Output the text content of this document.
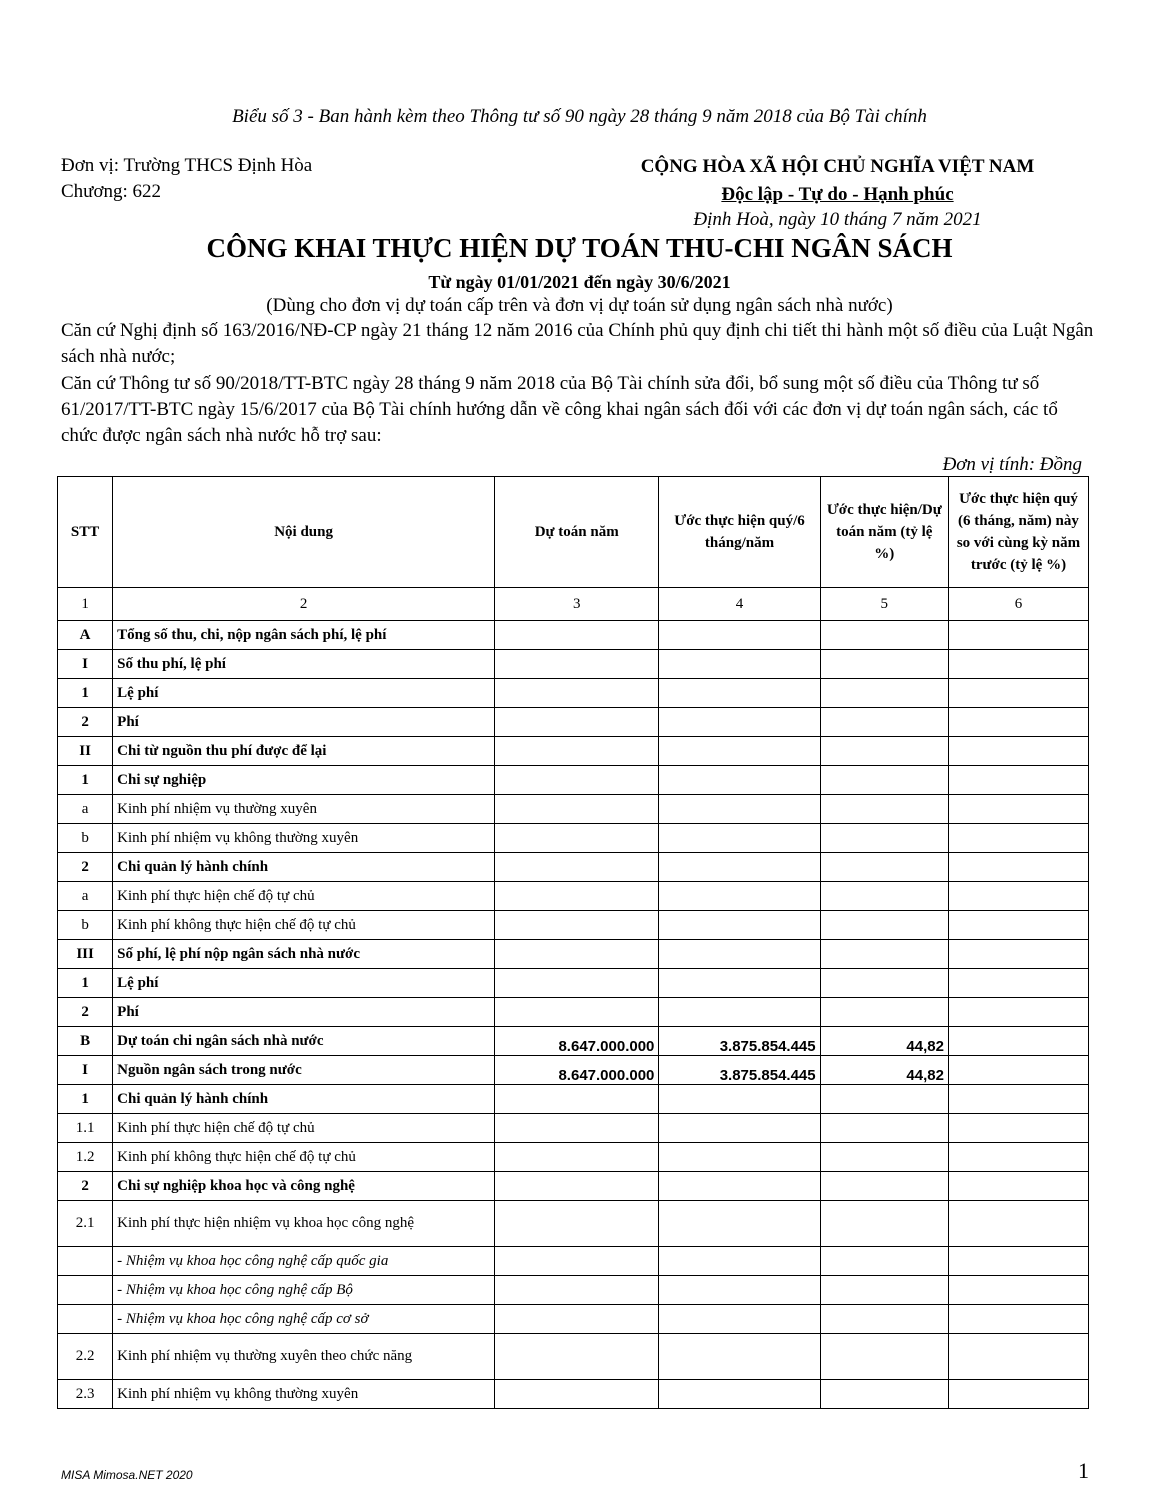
Biểu số 3 - Ban hành kèm theo Thông tư số 90 ngày 28 tháng 9 năm 2018 của Bộ Tài chính
Đơn vị: Trường THCS Định Hòa
Chương: 622
CỘNG HÒA XÃ HỘI CHỦ NGHĨA VIỆT NAM
Độc lập - Tự do - Hạnh phúc
Định Hoà, ngày 10 tháng 7 năm 2021
CÔNG KHAI THỰC HIỆN DỰ TOÁN THU-CHI NGÂN SÁCH
Từ ngày 01/01/2021 đến ngày 30/6/2021
(Dùng cho đơn vị dự toán cấp trên và đơn vị dự toán sử dụng ngân sách nhà nước)
Căn cứ Nghị định số 163/2016/NĐ-CP ngày 21 tháng 12 năm 2016 của Chính phủ quy định chi tiết thi hành một số điều của Luật Ngân sách nhà nước;
Căn cứ Thông tư số 90/2018/TT-BTC ngày 28 tháng 9 năm 2018 của Bộ Tài chính sửa đổi, bổ sung một số điều của Thông tư số 61/2017/TT-BTC ngày 15/6/2017 của Bộ Tài chính hướng dẫn về công khai ngân sách đối với các đơn vị dự toán ngân sách, các tổ chức được ngân sách nhà nước hỗ trợ sau:
Đơn vị tính: Đồng
STT	Nội dung	Dự toán năm	Ước thực hiện quý/6 tháng/năm	Ước thực hiện/Dự toán năm (tỷ lệ %)	Ước thực hiện quý (6 tháng, năm) này so với cùng kỳ năm trước (tỷ lệ %)
1	2	3	4	5	6
A	Tổng số thu, chi, nộp ngân sách phí, lệ phí				
I	Số thu phí, lệ phí				
1	Lệ phí				
2	Phí				
II	Chi từ nguồn thu phí được để lại				
1	Chi sự nghiệp				
a	Kinh phí nhiệm vụ thường xuyên				
b	Kinh phí nhiệm vụ không thường xuyên				
2	Chi quản lý hành chính				
a	Kinh phí thực hiện chế độ tự chủ				
b	Kinh phí không thực hiện chế độ tự chủ				
III	Số phí, lệ phí nộp ngân sách nhà nước				
1	Lệ phí				
2	Phí				
B	Dự toán chi ngân sách nhà nước	8.647.000.000	3.875.854.445	44,82	
I	Nguồn ngân sách trong nước	8.647.000.000	3.875.854.445	44,82	
1	Chi quản lý hành chính				
1.1	Kinh phí thực hiện chế độ tự chủ				
1.2	Kinh phí không thực hiện chế độ tự chủ				
2	Chi sự nghiệp khoa học và công nghệ				
2.1	Kinh phí thực hiện nhiệm vụ khoa học công nghệ				
	- Nhiệm vụ khoa học công nghệ cấp quốc gia				
	- Nhiệm vụ khoa học công nghệ cấp Bộ				
	- Nhiệm vụ khoa học công nghệ cấp cơ sở				
2.2	Kinh phí nhiệm vụ thường xuyên theo chức năng				
2.3	Kinh phí nhiệm vụ không thường xuyên				
MISA Mimosa.NET 2020	1
